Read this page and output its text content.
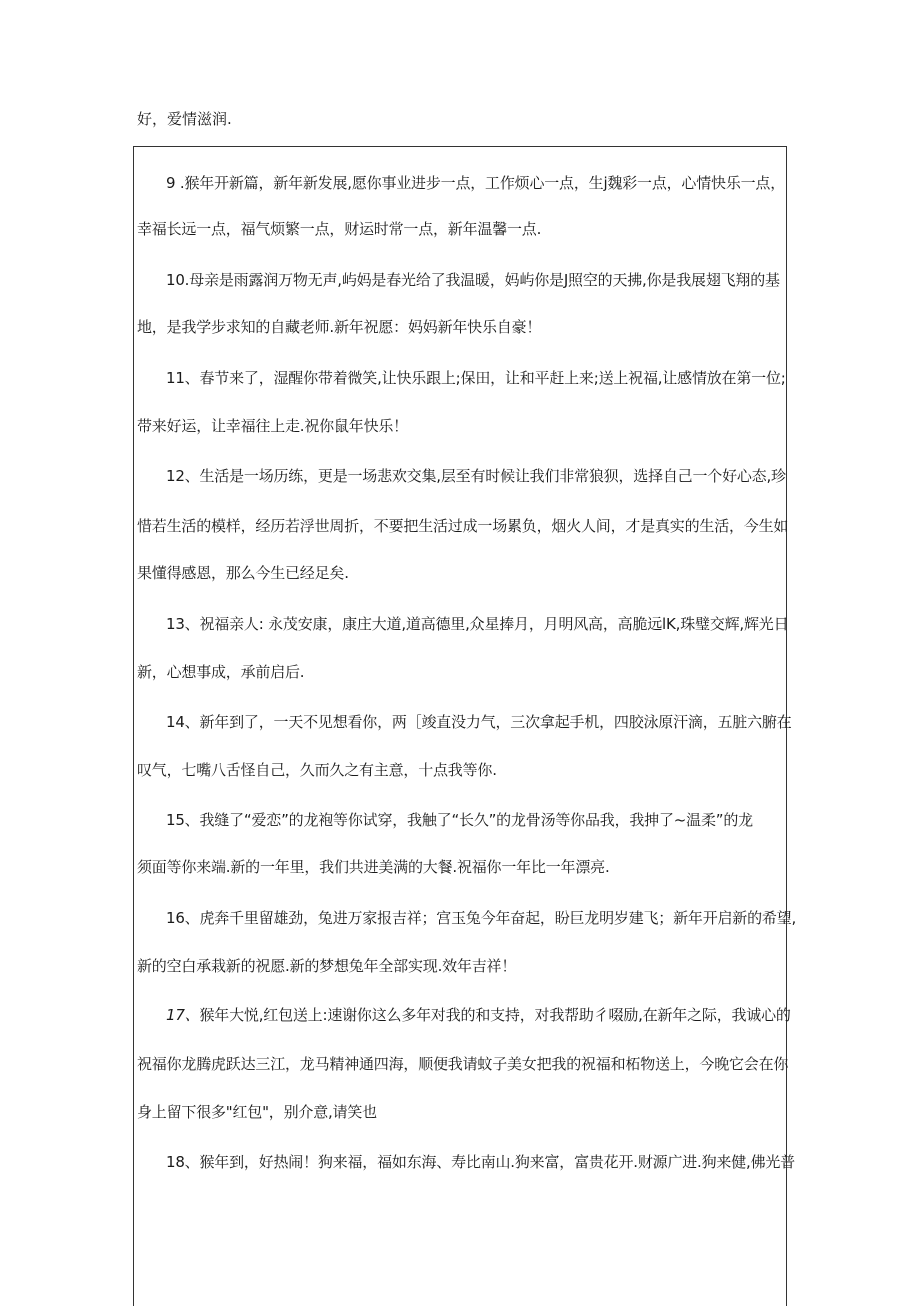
好，爱情滋润.
9 .猴年开新篇，新年新发展,愿你事业进步一点，工作烦心一点，生j魏彩一点，心情快乐一点，
幸福长远一点，福气烦繁一点，财运时常一点，新年温馨一点.
10.母亲是雨露润万物无声,屿妈是春光给了我温暖，妈屿你是J照空的天拂,你是我展翅飞翔的基
地，是我学步求知的自藏老师.新年祝愿：妈妈新年快乐自豪！
11、春节来了，湿醒你带着微笑,让快乐跟上;保田，让和平赶上来;送上祝福,让感情放在第一位;
带来好运，让幸福往上走.祝你鼠年快乐！
12、生活是一场历练，更是一场悲欢交集,层至有时候让我们非常狼狈，选择自己一个好心态,珍
惜若生活的模样，经历若浮世周折，不要把生活过成一场累负，烟火人间，才是真实的生活，今生如
果懂得感恩，那么今生已经足矣.
13、祝福亲人: 永茂安康，康庄大道,道高德里,众星捧月，月明风高，高脆远lK,珠璧交辉,辉光日
新，心想事成，承前启后.
14、新年到了，一天不见想看你，两［竣直没力气，三次拿起手机，四胶泳原汗滴，五脏六腑在
叹气，七嘴八舌怪自己，久而久之有主意，十点我等你.
15、我缝了“爱恋”的龙袍等你试穿，我触了“长久”的龙骨汤等你品我，我抻了~温柔”的龙
须面等你来端.新的一年里，我们共进美满的大餐.祝福你一年比一年漂亮.
16、虎奔千里留雄劲，兔进万家报吉祥；宫玉兔今年奋起，盼巨龙明岁建飞；新年开启新的希望,
新的空白承栽新的祝愿.新的梦想兔年全部实现.效年吉祥！
17、猴年大悦,红包送上:速谢你这么多年对我的和支持，对我帮助彳啜励,在新年之际，我诚心的
祝福你龙腾虎跃达三江，龙马精神通四海，顺便我请蚊子美女把我的祝福和柘物送上，今晚它会在你
身上留下很多"红包"，别介意,请笑也
18、猴年到，好热闹！狗来福，福如东海、寿比南山.狗来富，富贵花开.财源广进.狗来健,佛光普
